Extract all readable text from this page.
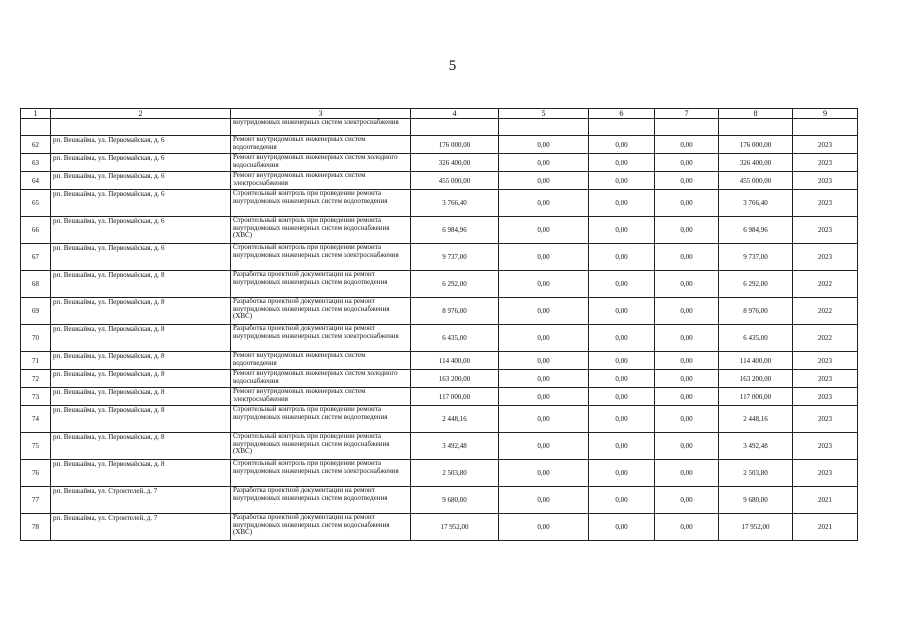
5
1	2	3	4	5	6	7	8	9
		внутридомовых инженерных систем электроснабжения						
62	рп. Вешкайма, ул. Первомайская, д. 6	Ремонт внутридомовых инженерных систем водоотведения	176 000,00	0,00	0,00	0,00	176 000,00	2023
63	рп. Вешкайма, ул. Первомайская, д. 6	Ремонт внутридомовых инженерных систем холодного водоснабжения	326 400,00	0,00	0,00	0,00	326 400,00	2023
64	рп. Вешкайма, ул. Первомайская, д. 6	Ремонт внутридомовых инженерных систем электроснабжения	455 000,00	0,00	0,00	0,00	455 000,00	2023
65	рп. Вешкайма, ул. Первомайская, д. 6	Строительный контроль при проведении ремонта внутридомовых инженерных систем водоотведения	3 766,40	0,00	0,00	0,00	3 766,40	2023
66	рп. Вешкайма, ул. Первомайская, д. 6	Строительный контроль при проведении ремонта внутридомовых инженерных систем водоснабжения (ХВС)	6 984,96	0,00	0,00	0,00	6 984,96	2023
67	рп. Вешкайма, ул. Первомайская, д. 6	Строительный контроль при проведении ремонта внутридомовых инженерных систем электроснабжения	9 737,00	0,00	0,00	0,00	9 737,00	2023
68	рп. Вешкайма, ул. Первомайская, д. 8	Разработка проектной документации на ремонт внутридомовых инженерных систем водоотведения	6 292,00	0,00	0,00	0,00	6 292,00	2022
69	рп. Вешкайма, ул. Первомайская, д. 8	Разработка проектной документации на ремонт внутридомовых инженерных систем водоснабжения (ХВС)	8 976,00	0,00	0,00	0,00	8 976,00	2022
70	рп. Вешкайма, ул. Первомайская, д. 8	Разработка проектной документации на ремонт внутридомовых инженерных систем электроснабжения	6 435,00	0,00	0,00	0,00	6 435,00	2022
71	рп. Вешкайма, ул. Первомайская, д. 8	Ремонт внутридомовых инженерных систем водоотведения	114 400,00	0,00	0,00	0,00	114 400,00	2023
72	рп. Вешкайма, ул. Первомайская, д. 8	Ремонт внутридомовых инженерных систем холодного водоснабжения	163 200,00	0,00	0,00	0,00	163 200,00	2023
73	рп. Вешкайма, ул. Первомайская, д. 8	Ремонт внутридомовых инженерных систем электроснабжения	117 000,00	0,00	0,00	0,00	117 000,00	2023
74	рп. Вешкайма, ул. Первомайская, д. 8	Строительный контроль при проведении ремонта внутридомовых инженерных систем водоотведения	2 448,16	0,00	0,00	0,00	2 448,16	2023
75	рп. Вешкайма, ул. Первомайская, д. 8	Строительный контроль при проведении ремонта внутридомовых инженерных систем водоснабжения (ХВС)	3 492,48	0,00	0,00	0,00	3 492,48	2023
76	рп. Вешкайма, ул. Первомайская, д. 8	Строительный контроль при проведении ремонта внутридомовых инженерных систем электроснабжения	2 503,80	0,00	0,00	0,00	2 503,80	2023
77	рп. Вешкайма, ул. Строителей, д. 7	Разработка проектной документации на ремонт внутридомовых инженерных систем водоотведения	9 680,00	0,00	0,00	0,00	9 680,00	2021
78	рп. Вешкайма, ул. Строителей, д. 7	Разработка проектной документации на ремонт внутридомовых инженерных систем водоснабжения (ХВС)	17 952,00	0,00	0,00	0,00	17 952,00	2021
